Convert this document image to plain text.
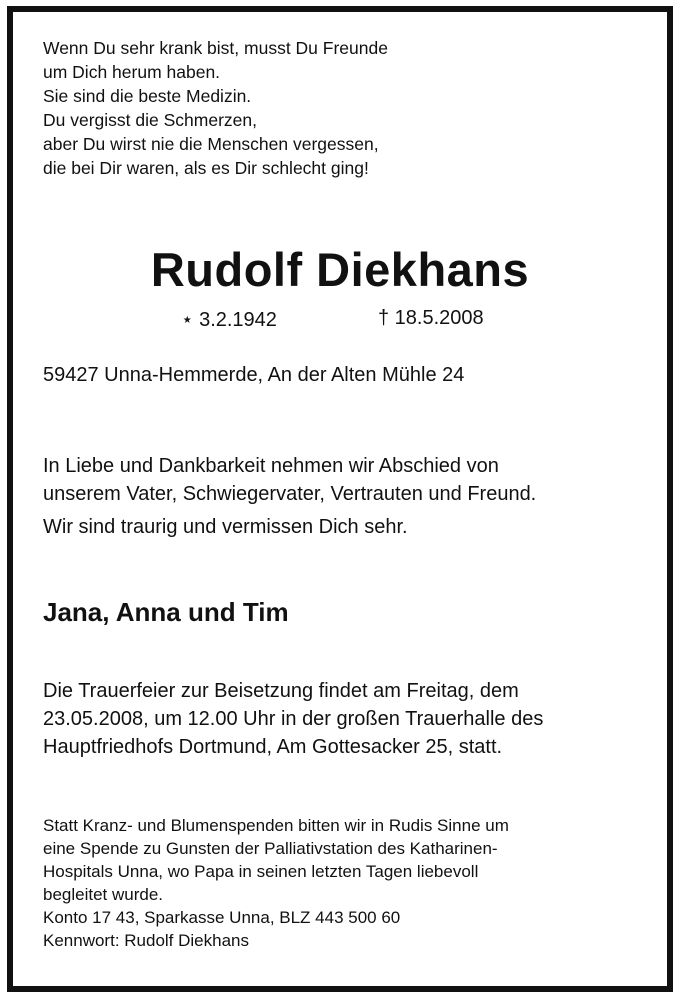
Wenn Du sehr krank bist, musst Du Freunde
um Dich herum haben.
Sie sind die beste Medizin.
Du vergisst die Schmerzen,
aber Du wirst nie die Menschen vergessen,
die bei Dir waren, als es Dir schlecht ging!
Rudolf Diekhans
⋆ 3.2.1942	† 18.5.2008
59427 Unna-Hemmerde, An der Alten Mühle 24
In Liebe und Dankbarkeit nehmen wir Abschied von
unserem Vater, Schwiegervater, Vertrauten und Freund.
Wir sind traurig und vermissen Dich sehr.
Jana, Anna und Tim
Die Trauerfeier zur Beisetzung findet am Freitag, dem
23.05.2008, um 12.00 Uhr in der großen Trauerhalle des
Hauptfriedhofs Dortmund, Am Gottesacker 25, statt.
Statt Kranz- und Blumenspenden bitten wir in Rudis Sinne um
eine Spende zu Gunsten der Palliativstation des Katharinen-
Hospitals Unna, wo Papa in seinen letzten Tagen liebevoll
begleitet wurde.
Konto 17 43, Sparkasse Unna, BLZ 443 500 60
Kennwort: Rudolf Diekhans
